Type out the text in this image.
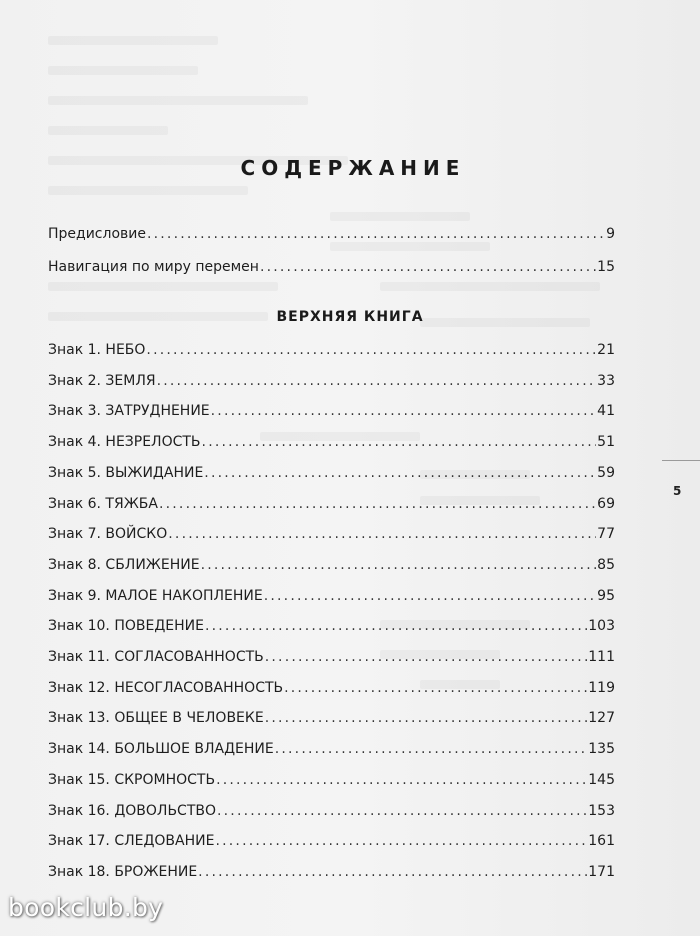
СОДЕРЖАНИЕ
Предисловие .....	9
Навигация по миру перемен .....	15
ВЕРХНЯЯ КНИГА
Знак 1. НЕБО .....	21
Знак 2. ЗЕМЛЯ .....	33
Знак 3. ЗАТРУДНЕНИЕ .....	41
Знак 4. НЕЗРЕЛОСТЬ .....	51
Знак 5. ВЫЖИДАНИЕ .....	59
Знак 6. ТЯЖБА .....	69
Знак 7. ВОЙСКО .....	77
Знак 8. СБЛИЖЕНИЕ .....	85
Знак 9. МАЛОЕ НАКОПЛЕНИЕ .....	95
Знак 10. ПОВЕДЕНИЕ .....	103
Знак 11. СОГЛАСОВАННОСТЬ .....	111
Знак 12. НЕСОГЛАСОВАННОСТЬ .....	119
Знак 13. ОБЩЕЕ В ЧЕЛОВЕКЕ .....	127
Знак 14. БОЛЬШОЕ ВЛАДЕНИЕ .....	135
Знак 15. СКРОМНОСТЬ .....	145
Знак 16. ДОВОЛЬСТВО .....	153
Знак 17. СЛЕДОВАНИЕ .....	161
Знак 18. БРОЖЕНИЕ .....	171
5
bookclub.by
